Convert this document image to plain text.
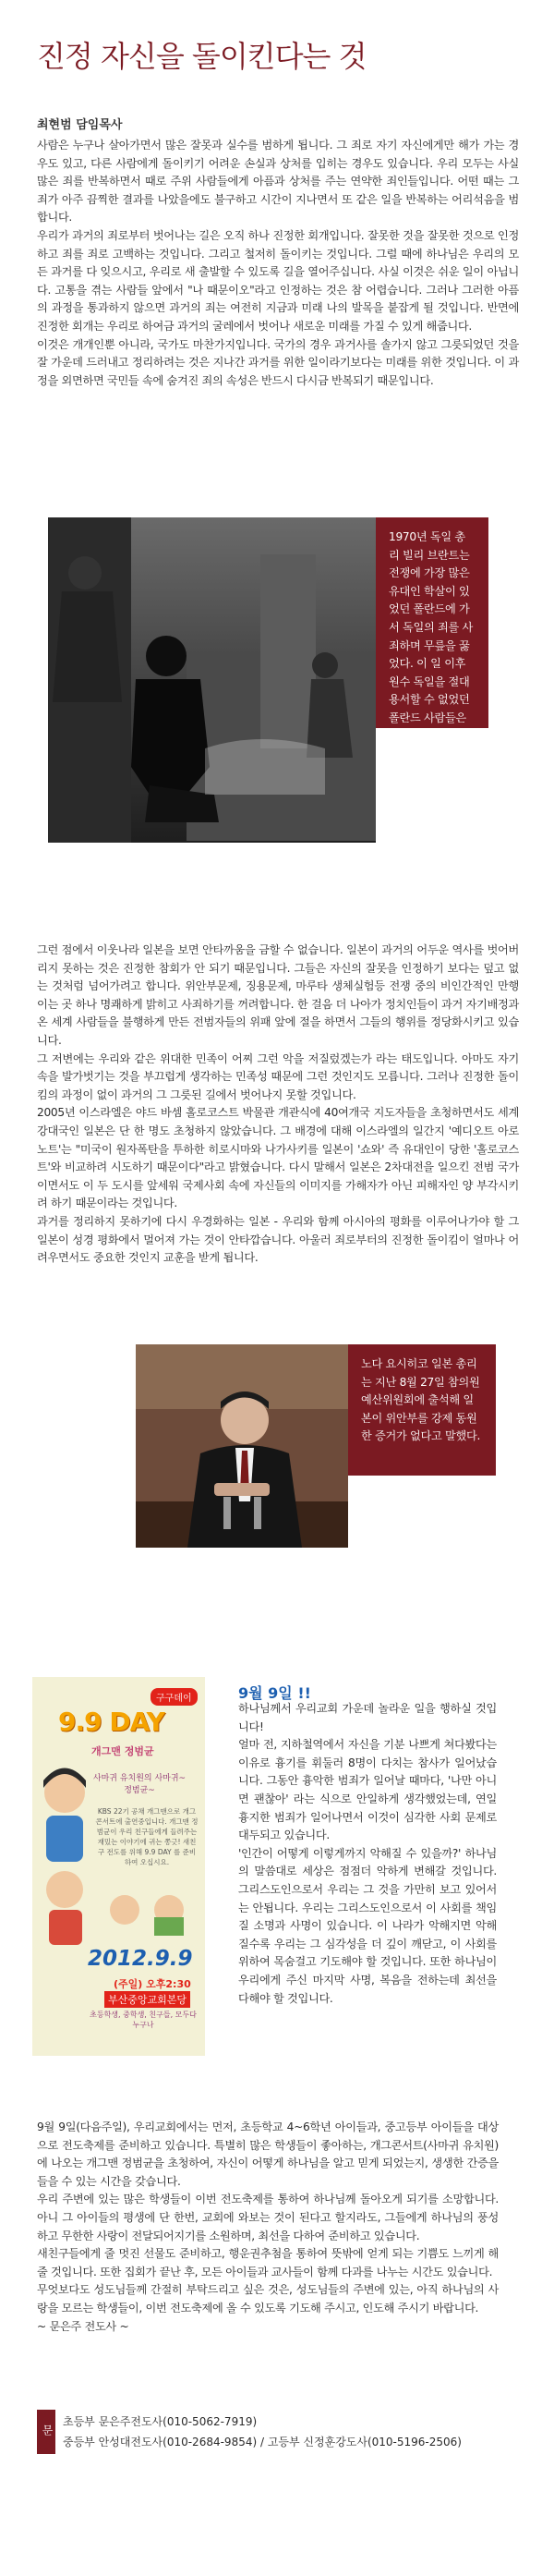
진정 자신을 돌이킨다는 것
최현범 담임목사

사람은 누구나 살아가면서 많은 잘못과 실수를 범하게 됩니다. 그 죄로 자기 자신에게만 해가 가는 경우도 있고, 다른 사람에게 돌이키기 어려운 손실과 상처를 입히는 경우도 있습니다. 우리 모두는 사실 많은 죄를 반복하면서 때로 주위 사람들에게 아픔과 상처를 주는 연약한 죄인들입니다. 어떤 때는 그 죄가 아주 끔찍한 결과를 나았을에도 불구하고 시간이 지나면서 또 같은 일을 반복하는 어리석음을 범합니다.

우리가 과거의 죄로부터 벗어나는 길은 오직 하나 진정한 회개입니다. 잘못한 것을 잘못한 것으로 인정하고 죄를 죄로 고백하는 것입니다. 그리고 철저히 돌이키는 것입니다. 그럴 때에 하나님은 우리의 모든 과거를 다 잊으시고, 우리로 새 출발할 수 있도록 길을 열어주십니다. 사실 이것은 쉬운 일이 아닙니다. 고통을 겪는 사람들 앞에서 "나 때문이오"라고 인정하는 것은 참 어렵습니다. 그러나 그러한 아픔의 과정을 통과하지 않으면 과거의 죄는 여전히 지금과 미래 나의 발목을 붙잡게 될 것입니다. 반면에 진정한 회개는 우리로 하여금 과거의 굴레에서 벗어나 새로운 미래를 가질 수 있게 해줍니다.

이것은 개개인뿐 아니라, 국가도 마찬가지입니다. 국가의 경우 과거사를 솔가지 않고 그릇되었던 것을 잘 가운데 드러내고 정리하려는 것은 지나간 과거를 위한 일이라기보다는 미래를 위한 것입니다. 이 과정을 외면하면 국민들 속에 숨겨진 죄의 속성은 반드시 다시금 반복되기 때문입니다.

1970년 독일 총리 빌리 브란트는 전쟁에 가장 많은 유대인 학살이 있었던 폴란드에 가서 독일의 죄를 사죄하며 무릎을 꿇었다. 이 일 이후 원수 독일을 절대 용서할 수 없었던 폴란드 사람들은 마음을 조금씩 열게 되었다.

그런 점에서 이웃나라 일본을 보면 안타까움을 금할 수 없습니다. 일본이 과거의 어두운 역사를 벗어버리지 못하는 것은 진정한 참회가 안 되기 때문입니다. 그들은 자신의 잘못을 인정하기 보다는 덮고 없는 것처럼 넘어가려고 합니다. 위안부문제, 징용문제, 마루타 생체실험등 전쟁 중의 비인간적인 만행 이는 곳 하나 명쾌하게 밝히고 사죄하기를 꺼려합니다. 한 걸음 더 나아가 정치인들이 과거 자기배정과 온 세계 사람들을 불행하게 만든 전범자들의 위패 앞에 절을 하면서 그들의 행위를 정당화시키고 있습니다.

그 저변에는 우리와 같은 위대한 민족이 어찌 그런 악을 저질렀겠는가 라는 태도입니다. 아마도 자기 속을 발가벗기는 것을 부끄럽게 생각하는 민족성 때문에 그런 것인지도 모릅니다. 그러나 진정한 돌이킴의 과정이 없이 과거의 그 그릇된 길에서 벗어나지 못할 것입니다.

2005년 이스라엘은 야드 바셈 홀로코스트 박물관 개관식에 40여개국 지도자들을 초청하면서도 세계 강대국인 일본은 단 한 명도 초청하지 않았습니다. 그 배경에 대해 이스라엘의 일간지 '예디오트 아로노트'는 "미국이 원자폭탄을 투하한 히로시마와 나가사키를 일본이 '쇼와' 즉 유대인이 당한 '홀로코스트'와 비교하려 시도하기 때문이다"라고 밝혔습니다. 다시 말해서 일본은 2차대전을 일으킨 전범 국가이면서도 이 두 도시를 앞세워 국제사회 속에 자신들의 이미지를 가해자가 아닌 피해자인 양 부각시키려 하기 때문이라는 것입니다.

과거를 정리하지 못하기에 다시 우경화하는 일본 - 우리와 함께 아시아의 평화를 이루어나가야 할 그 일본이 성경 평화에서 멀어져 가는 것이 안타깝습니다. 아울러 죄로부터의 진정한 돌이킴이 얼마나 어려우면서도 중요한 것인지 교훈을 받게 됩니다.

노다 요시히코 일본 총리는 지난 8월 27일 참의원 예산위원회에 출석해 일본이 위안부를 강제 동원한 증거가 없다고 말했다.
구구데이
9.9 DAY
개그맨 정범균
사마귀 유치원의 사마귀~
정범균~
KBS 22기 공채 개그맨으로 개그콘서트에 출연중입니다. 개그맨 정범균이 우리 친구들에게 들려주는 재밌는 이야기에 귀는 쫑긋! 새친구 전도를 위해 9.9 DAY 를 준비하여 오십시요.
2012.9.9
(주일) 오후2:30
부산중앙교회본당
초등학생, 중학생, 친구들, 모두다 누구나
9월 9일 !!

하나님께서 우리교회 가운데 놀라운 일을 행하실 것입니다!

얼마 전, 지하철역에서 자신을 기분 나쁘게 쳐다봤다는 이유로 흉기를 휘둘러 8명이 다치는 참사가 일어났습니다. 그동안 흉악한 범죄가 일어날 때마다, '나만 아니면 괜찮아' 라는 식으로 안일하게 생각했었는데, 연일 흉지한 범죄가 일어나면서 이것이 심각한 사회 문제로 대두되고 있습니다.

'인간이 어떻게 이렇게까지 악해질 수 있을까?' 하나님의 말씀대로 세상은 점점더 악하게 변해갈 것입니다. 그리스도인으로서 우리는 그 것을 가만히 보고 있어서는 안됩니다. 우리는 그리스도인으로서 이 사회를 책임질 소명과 사명이 있습니다. 이 나라가 악해지면 악해질수록 우리는 그 심각성을 더 깊이 깨닫고, 이 사회를 위하여 목숨걸고 기도해야 할 것입니다. 또한 하나님이 우리에게 주신 마지막 사명, 복음을 전하는데 최선을 다해야 할 것입니다.

9월 9일(다음주일), 우리교회에서는 먼저, 초등학교 4~6학년 아이들과, 중고등부 아이들을 대상으로 전도축제를 준비하고 있습니다. 특별히 많은 학생들이 좋아하는, 개그콘서트(사마귀 유치원)에 나오는 개그맨 정범균을 초청하여, 자신이 어떻게 하나님을 알고 믿게 되었는지, 생생한 간증을 들을 수 있는 시간을 갖습니다.

우리 주변에 있는 많은 학생들이 이번 전도축제를 통하여 하나님께 돌아오게 되기를 소망합니다. 아니 그 아이들의 평생에 단 한번, 교회에 와보는 것이 된다고 할지라도, 그들에게 하나님의 풍성하고 무한한 사랑이 전달되어지기를 소원하며, 최선을 다하여 준비하고 있습니다.

새친구들에게 줄 멋진 선물도 준비하고, 행운권추첨을 통하여 뜻밖에 얻게 되는 기쁨도 느끼게 해 줄 것입니다. 또한 집회가 끝난 후, 모든 아이들과 교사들이 함께 다과를 나누는 시간도 있습니다.

무엇보다도 성도님들께 간절히 부탁드리고 싶은 것은, 성도님들의 주변에 있는, 아직 하나님의 사랑을 모르는 학생들이, 이번 전도축제에 올 수 있도록 기도해 주시고, 인도해 주시기 바랍니다.

~ 문은주 전도사 ~

문의
초등부 문은주전도사(010-5062-7919)
중등부 안성대전도사(010-2684-9854) / 고등부 신정훈강도사(010-5196-2506)
